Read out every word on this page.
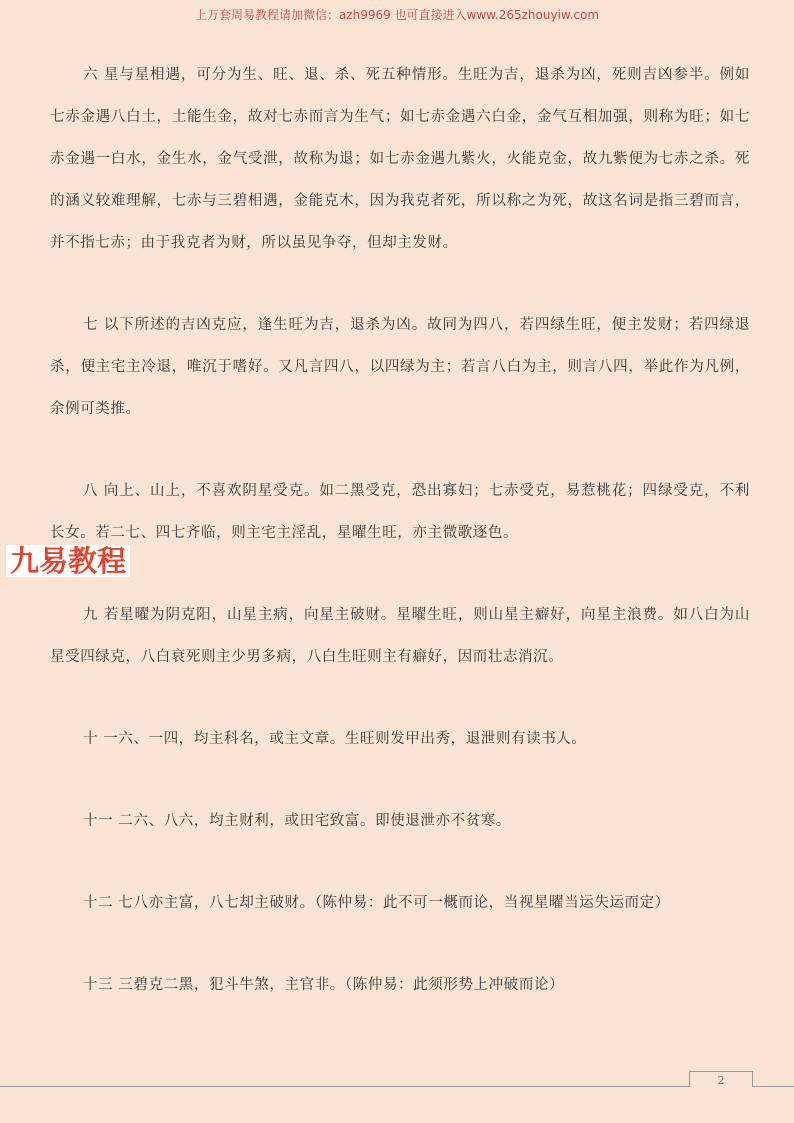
上万套周易教程请加微信：azh9969 也可直接进入www.265zhouyiw.com

六 星与星相遇，可分为生、旺、退、杀、死五种情形。生旺为吉，退杀为凶，死则吉凶参半。例如七赤金遇八白土，土能生金，故对七赤而言为生气；如七赤金遇六白金，金气互相加强，则称为旺；如七赤金遇一白水，金生水，金气受泄，故称为退；如七赤金遇九紫火，火能克金，故九紫便为七赤之杀。死的涵义较难理解，七赤与三碧相遇，金能克木，因为我克者死，所以称之为死，故这名词是指三碧而言，并不指七赤；由于我克者为财，所以虽见争夺，但却主发财。

七 以下所述的吉凶克应，逢生旺为吉，退杀为凶。故同为四八，若四绿生旺，便主发财；若四绿退杀，便主宅主冷退，唯沉于嗜好。又凡言四八，以四绿为主；若言八白为主，则言八四，举此作为凡例，余例可类推。

八 向上、山上，不喜欢阴星受克。如二黑受克，恐出寡妇；七赤受克，易惹桃花；四绿受克，不利长女。若二七、四七齐临，则主宅主淫乱，星曜生旺，亦主微歌逐色。

九 若星曜为阴克阳，山星主病，向星主破财。星曜生旺，则山星主癖好，向星主浪费。如八白为山星受四绿克，八白衰死则主少男多病，八白生旺则主有癖好，因而壮志消沉。

十 一六、一四，均主科名，或主文章。生旺则发甲出秀，退泄则有读书人。

十一 二六、八六，均主财利，或田宅致富。即使退泄亦不贫寒。

十二 七八亦主富，八七却主破财。（陈仲易：此不可一概而论，当视星曜当运失运而定）

十三 三碧克二黑，犯斗牛煞，主官非。（陈仲易：此须形势上冲破而论）

九易教程
2
